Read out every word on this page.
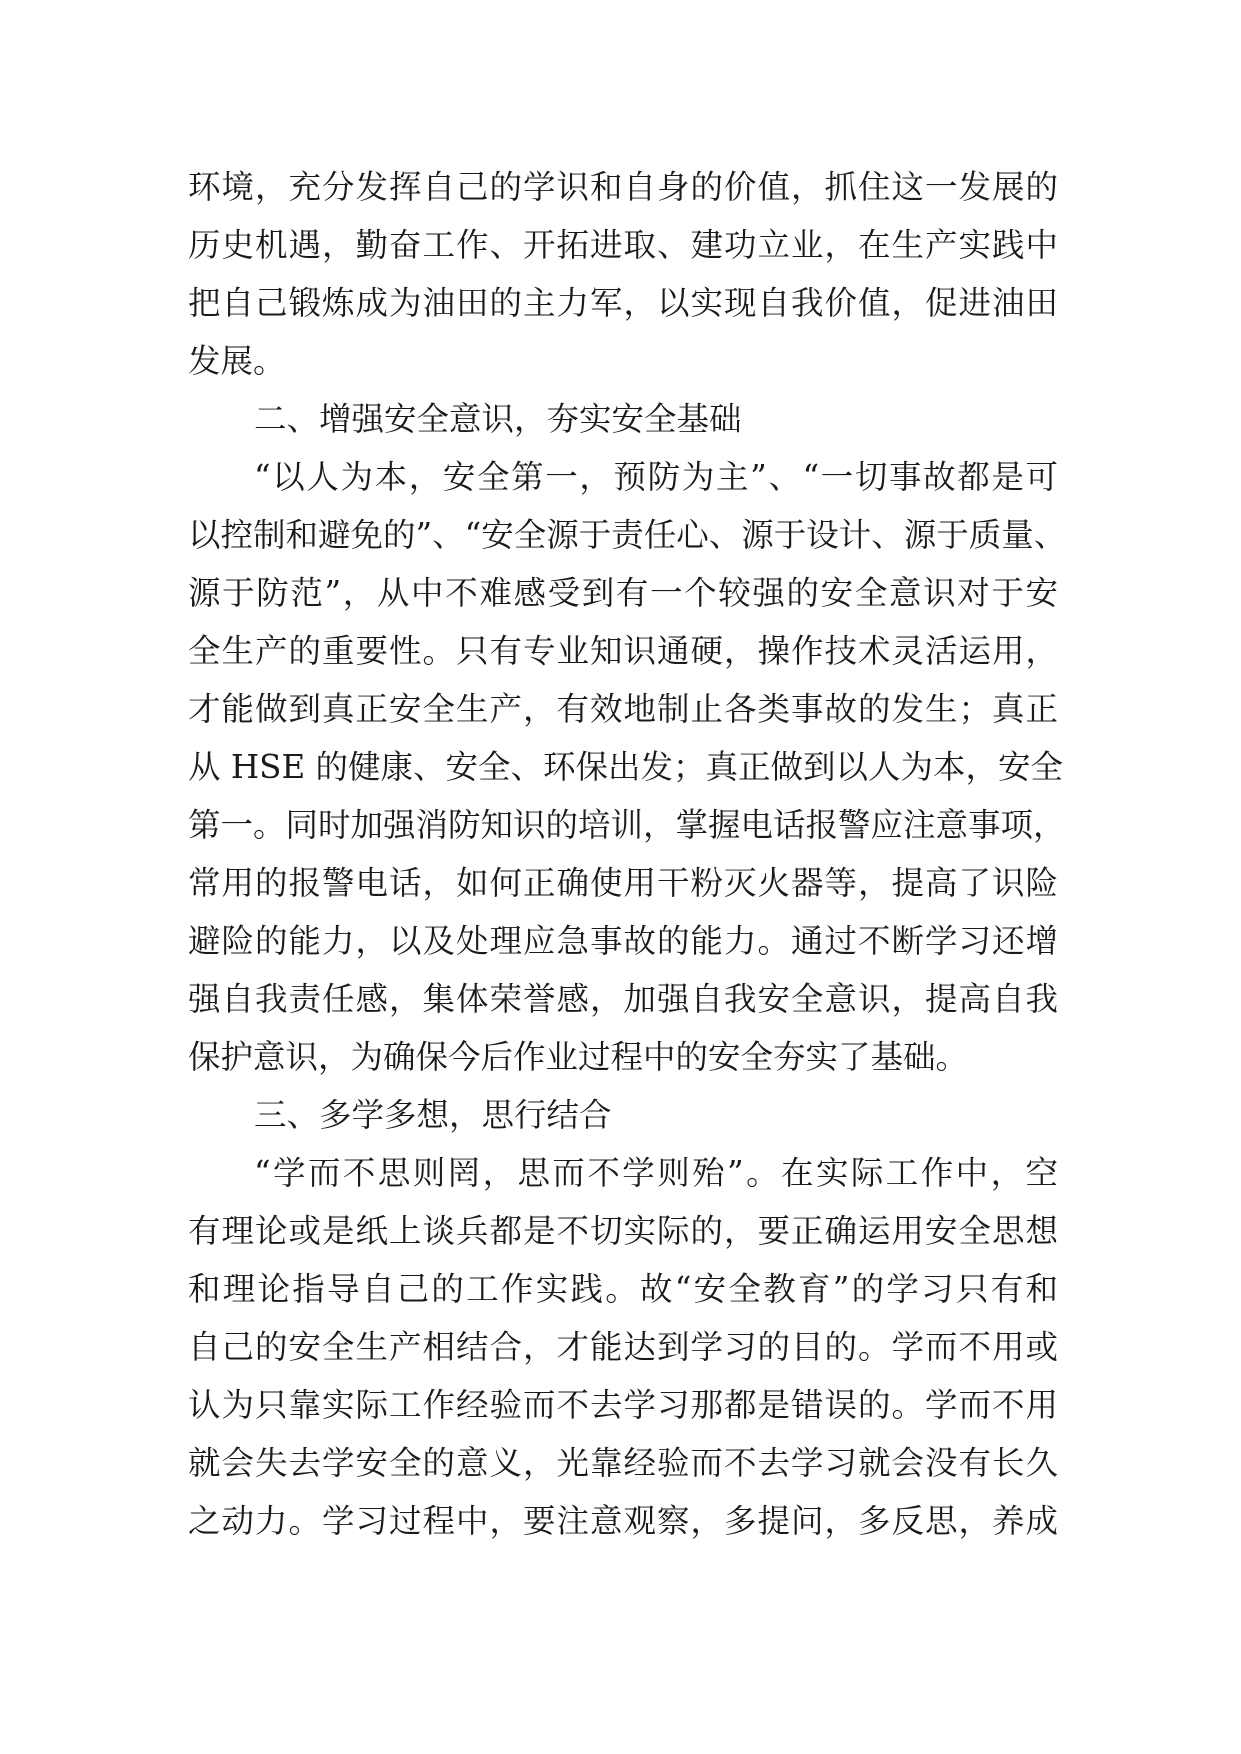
环境，充分发挥自己的学识和自身的价值，抓住这一发展的
历史机遇，勤奋工作、开拓进取、建功立业，在生产实践中
把自己锻炼成为油田的主力军，以实现自我价值，促进油田
发展。
二、增强安全意识，夯实安全基础
“以人为本，安全第一，预防为主”、“一切事故都是可
以控制和避免的”、“安全源于责任心、源于设计、源于质量、
源于防范”，从中不难感受到有一个较强的安全意识对于安
全生产的重要性。只有专业知识通硬，操作技术灵活运用，
才能做到真正安全生产，有效地制止各类事故的发生；真正
从 HSE 的健康、安全、环保出发；真正做到以人为本，安全
第一。同时加强消防知识的培训，掌握电话报警应注意事项，
常用的报警电话，如何正确使用干粉灭火器等，提高了识险
避险的能力，以及处理应急事故的能力。通过不断学习还增
强自我责任感，集体荣誉感，加强自我安全意识，提高自我
保护意识，为确保今后作业过程中的安全夯实了基础。
三、多学多想，思行结合
“学而不思则罔，思而不学则殆”。在实际工作中，空
有理论或是纸上谈兵都是不切实际的，要正确运用安全思想
和理论指导自己的工作实践。故“安全教育”的学习只有和
自己的安全生产相结合，才能达到学习的目的。学而不用或
认为只靠实际工作经验而不去学习那都是错误的。学而不用
就会失去学安全的意义，光靠经验而不去学习就会没有长久
之动力。学习过程中，要注意观察，多提问，多反思，养成
